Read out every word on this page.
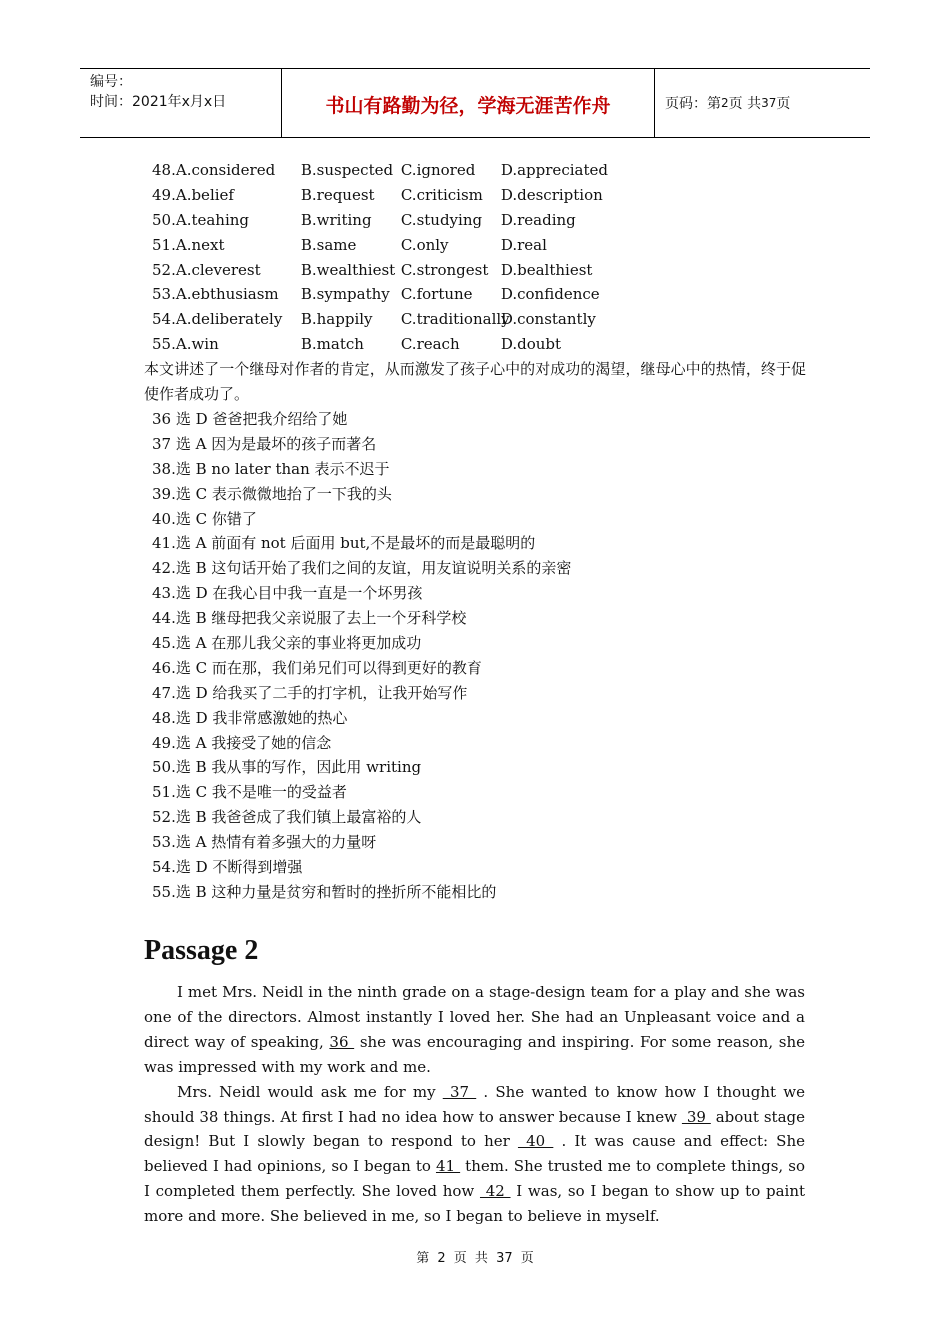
编号：
时间：2021年x月x日	书山有路勤为径，学海无涯苦作舟	页码：第 2 页 共 37 页
48.A.considered B.suspected C.ignored D.appreciated
49.A.belief	B.request C.criticism D.description
50.A.teahing	B.writing C.studying D.reading
51.A.next	B.same	C.only	D.real
52.A.cleverest	B.wealthiest C.strongest D.bealthiest
53.A.ebthusiasm B.sympathy C.fortune D.confidence
54.A.deliberately B.happily C.traditionallyD.constantly
55.A.win	B.match C.reach	D.doubt
本文讲述了一个继母对作者的肯定，从而激发了孩子心中的对成功的渴望，继母心中的热情，终于促使作者成功了。
36 选 D 爸爸把我介绍给了她
37 选 A 因为是最坏的孩子而著名
38.选 B no later than 表示不迟于
39.选 C 表示微微地抬了一下我的头
40.选 C 你错了
41.选 A 前面有 not 后面用 but,不是最坏的而是最聪明的
42.选 B 这句话开始了我们之间的友谊，用友谊说明关系的亲密
43.选 D 在我心目中我一直是一个坏男孩
44.选 B 继母把我父亲说服了去上一个牙科学校
45.选 A 在那儿我父亲的事业将更加成功
46.选 C 而在那，我们弟兄们可以得到更好的教育
47.选 D 给我买了二手的打字机，让我开始写作
48.选 D 我非常感激她的热心
49.选 A 我接受了她的信念
50.选 B 我从事的写作，因此用 writing
51.选 C 我不是唯一的受益者
52.选 B 我爸爸成了我们镇上最富裕的人
53.选 A 热情有着多强大的力量呀
54.选 D 不断得到增强
55.选 B 这种力量是贫穷和暂时的挫折所不能相比的
Passage 2

I met Mrs. Neidl in the ninth grade on a stage-design team for a play and she was one of the directors. Almost instantly I loved her. She had an Unpleasant voice and a direct way of speaking, 36  she was encouraging and inspiring. For some reason, she was impressed with my work and me.

Mrs. Neidl would ask me for my  37  . She wanted to know how I thought we should 38 things. At first I had no idea how to answer because I knew  39  about stage design! But I slowly began to respond to her  40  . It was cause and effect: She believed I had opinions, so I began to 41  them. She trusted me to complete things, so I completed them perfectly. She loved how  42  I was, so I began to show up to paint more and more. She believed in me, so I began to believe in myself.

第 2 页 共 37 页
